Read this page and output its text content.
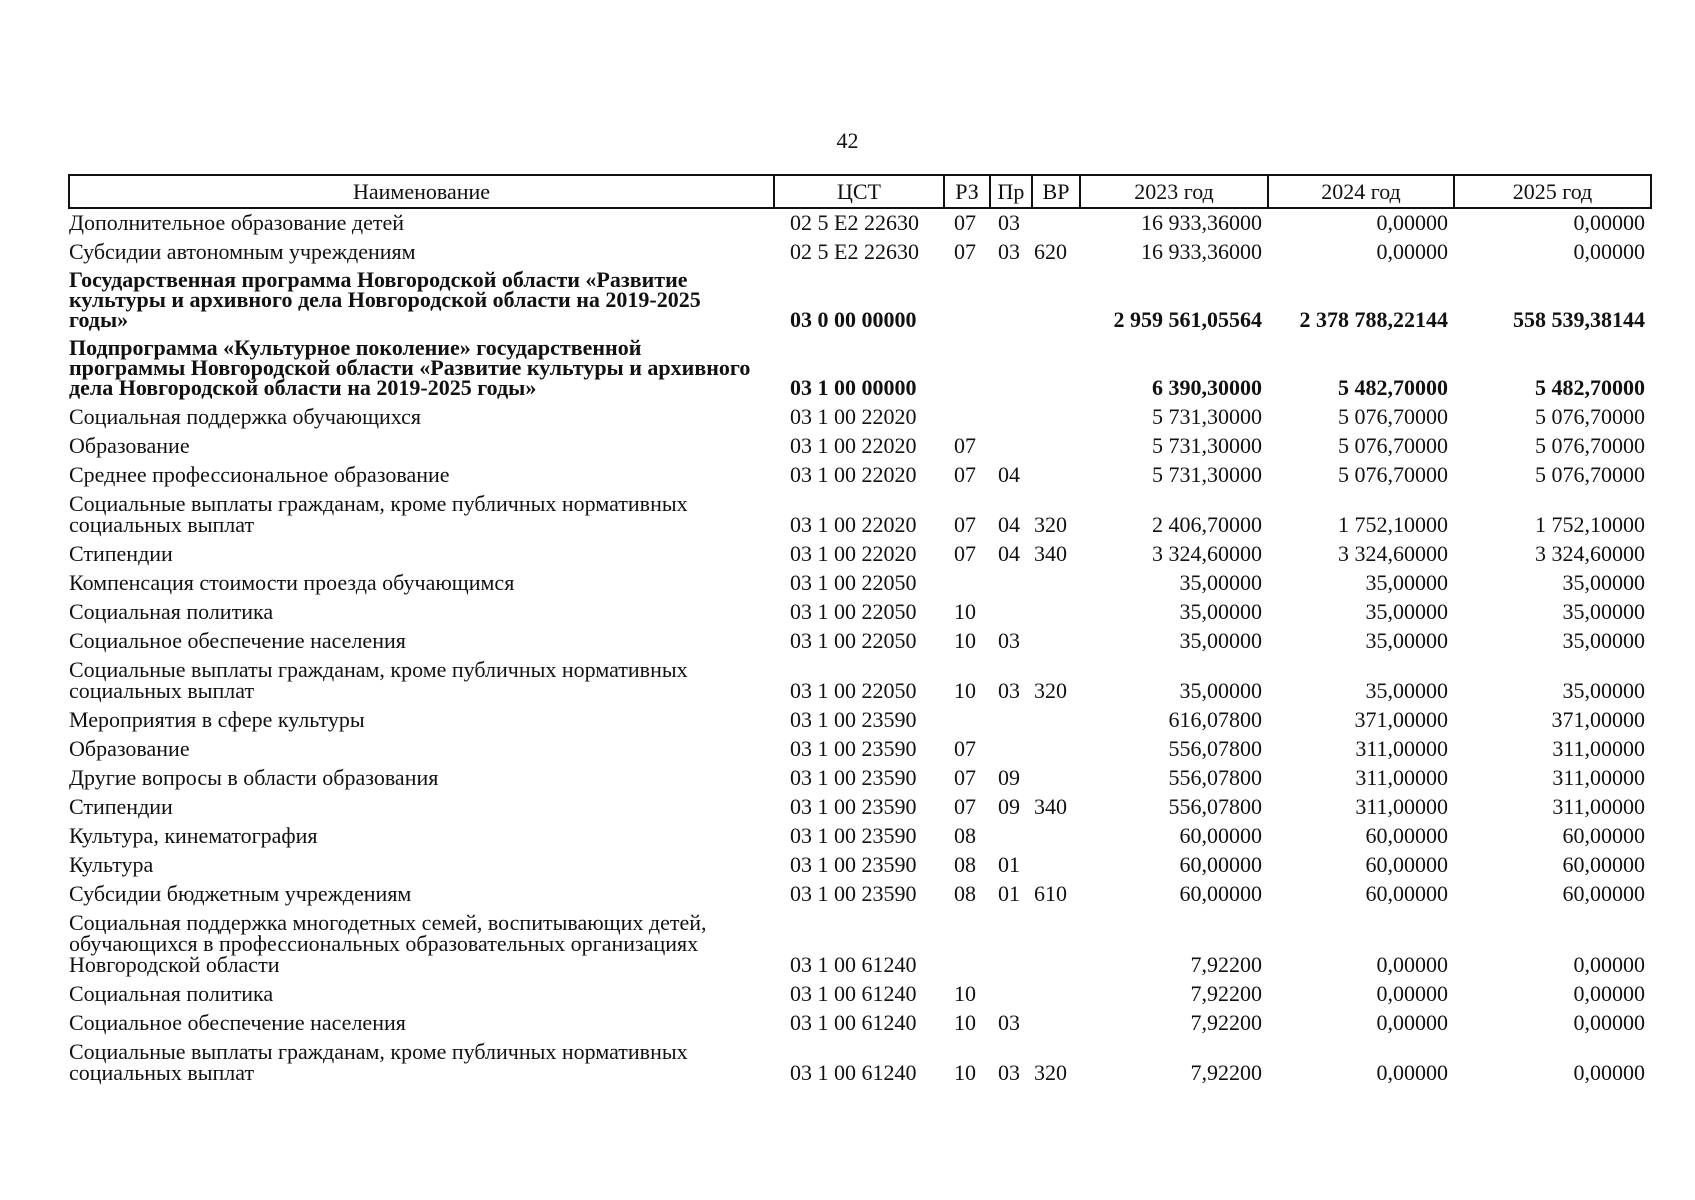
42
Наименование	ЦСТ	РЗ	Пр	ВР	2023 год	2024 год	2025 год
Дополнительное образование детей	02 5 Е2 22630	07	03		16 933,36000	0,00000	0,00000
Субсидии автономным учреждениям	02 5 Е2 22630	07	03	620	16 933,36000	0,00000	0,00000
Государственная программа Новгородской области «Развитие культуры и архивного дела Новгородской области на 2019-2025 годы»	03 0 00 00000				2 959 561,05564	2 378 788,22144	558 539,38144
Подпрограмма «Культурное поколение» государственной программы Новгородской области «Развитие культуры и архивного дела Новгородской области на 2019-2025 годы»	03 1 00 00000				6 390,30000	5 482,70000	5 482,70000
Социальная поддержка обучающихся	03 1 00 22020				5 731,30000	5 076,70000	5 076,70000
Образование	03 1 00 22020	07			5 731,30000	5 076,70000	5 076,70000
Среднее профессиональное образование	03 1 00 22020	07	04		5 731,30000	5 076,70000	5 076,70000
Социальные выплаты гражданам, кроме публичных нормативных социальных выплат	03 1 00 22020	07	04	320	2 406,70000	1 752,10000	1 752,10000
Стипендии	03 1 00 22020	07	04	340	3 324,60000	3 324,60000	3 324,60000
Компенсация стоимости проезда обучающимся	03 1 00 22050				35,00000	35,00000	35,00000
Социальная политика	03 1 00 22050	10			35,00000	35,00000	35,00000
Социальное обеспечение населения	03 1 00 22050	10	03		35,00000	35,00000	35,00000
Социальные выплаты гражданам, кроме публичных нормативных социальных выплат	03 1 00 22050	10	03	320	35,00000	35,00000	35,00000
Мероприятия в сфере культуры	03 1 00 23590				616,07800	371,00000	371,00000
Образование	03 1 00 23590	07			556,07800	311,00000	311,00000
Другие вопросы в области образования	03 1 00 23590	07	09		556,07800	311,00000	311,00000
Стипендии	03 1 00 23590	07	09	340	556,07800	311,00000	311,00000
Культура, кинематография	03 1 00 23590	08			60,00000	60,00000	60,00000
Культура	03 1 00 23590	08	01		60,00000	60,00000	60,00000
Субсидии бюджетным учреждениям	03 1 00 23590	08	01	610	60,00000	60,00000	60,00000
Социальная поддержка многодетных семей, воспитывающих детей, обучающихся в профессиональных образовательных организациях Новгородской области	03 1 00 61240				7,92200	0,00000	0,00000
Социальная политика	03 1 00 61240	10			7,92200	0,00000	0,00000
Социальное обеспечение населения	03 1 00 61240	10	03		7,92200	0,00000	0,00000
Социальные выплаты гражданам, кроме публичных нормативных социальных выплат	03 1 00 61240	10	03	320	7,92200	0,00000	0,00000
